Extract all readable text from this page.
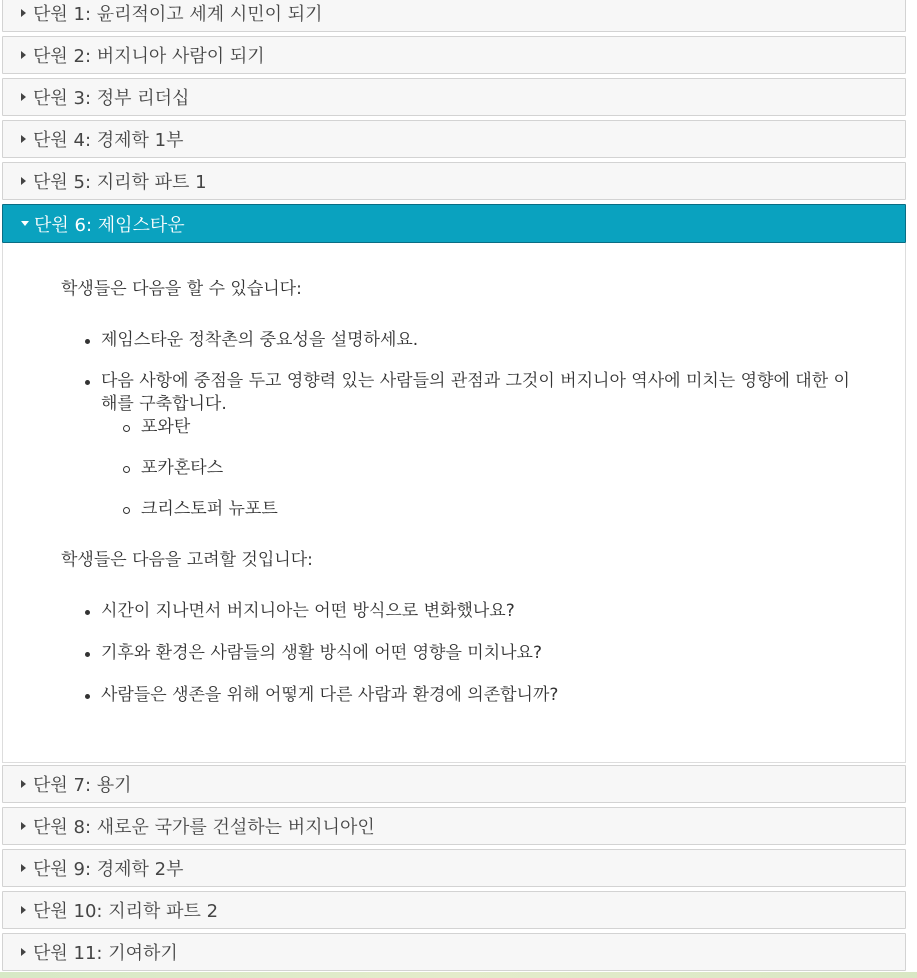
단원 1: 윤리적이고 세계 시민이 되기
단원 2: 버지니아 사람이 되기
단원 3: 정부 리더십
단원 4: 경제학 1부
단원 5: 지리학 파트 1
단원 6: 제임스타운

학생들은 다음을 할 수 있습니다:

제임스타운 정착촌의 중요성을 설명하세요.
다음 사항에 중점을 두고 영향력 있는 사람들의 관점과 그것이 버지니아 역사에 미치는 영향에 대한 이해를 구축합니다.
포와탄
포카혼타스
크리스토퍼 뉴포트

학생들은 다음을 고려할 것입니다:

시간이 지나면서 버지니아는 어떤 방식으로 변화했나요?
기후와 환경은 사람들의 생활 방식에 어떤 영향을 미치나요?
사람들은 생존을 위해 어떻게 다른 사람과 환경에 의존합니까?
단원 7: 용기
단원 8: 새로운 국가를 건설하는 버지니아인
단원 9: 경제학 2부
단원 10: 지리학 파트 2
단원 11: 기여하기
